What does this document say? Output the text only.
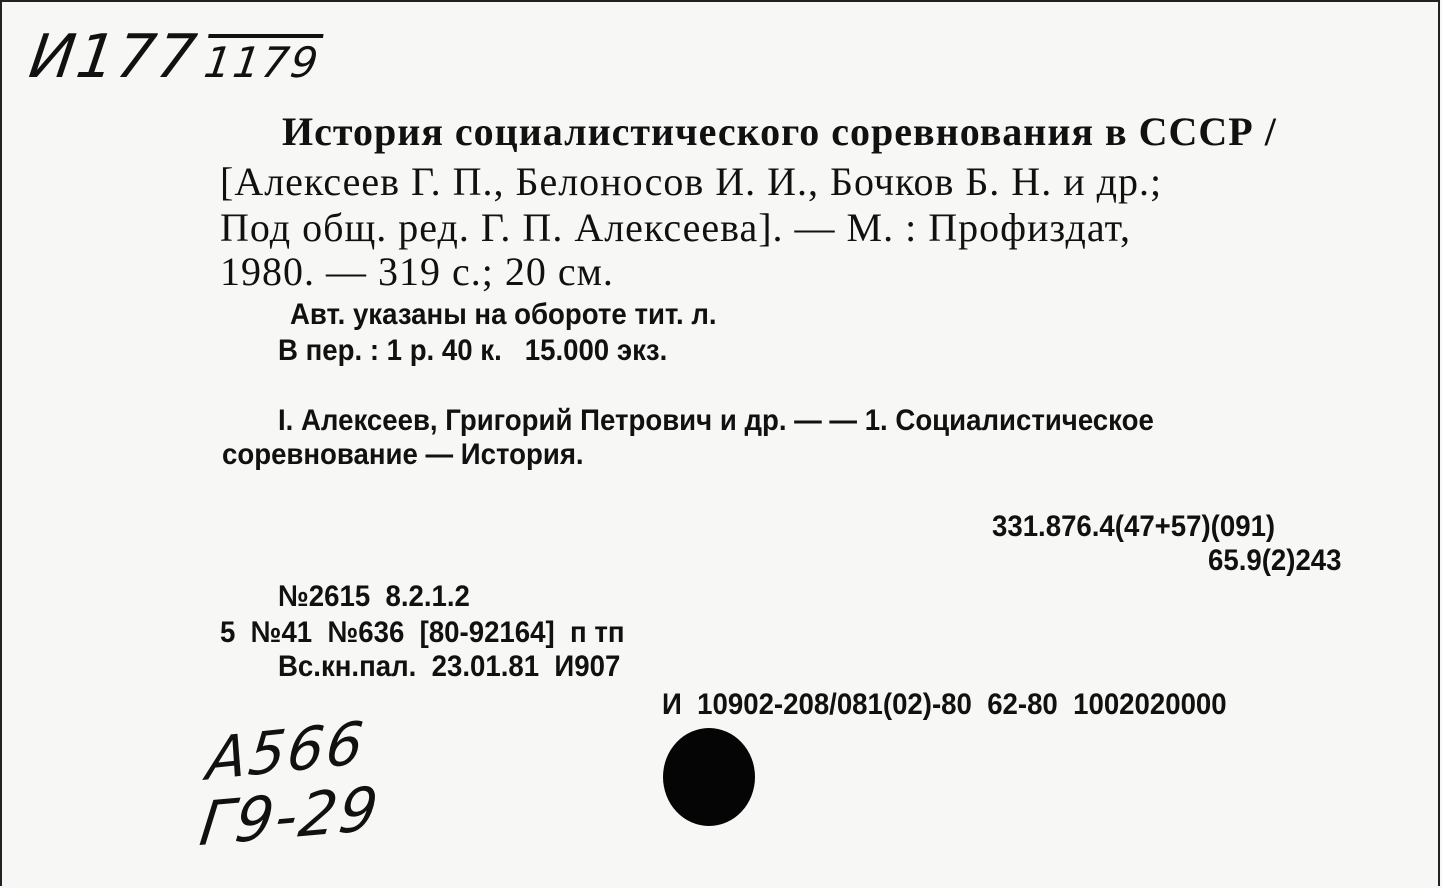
И1771179
История социалистического соревнования в СССР /
[Алексеев Г. П., Белоносов И. И., Бочков Б. Н. и др.;
Под общ. ред. Г. П. Алексеева]. — М. : Профиздат,
1980. — 319 с.; 20 см.
Авт. указаны на обороте тит. л.
В пер. : 1 р. 40 к.   15.000 экз.
I. Алексеев, Григорий Петрович и др. — — 1. Социалистическое
соревнование — История.
331.876.4(47+57)(091)
65.9(2)243
№2615  8.2.1.2
5  №41  №636  [80-92164]  п тп
Вс.кн.пал.  23.01.81  И907
И  10902-208/081(02)-80  62-80  1002020000
А566
Г9-29
